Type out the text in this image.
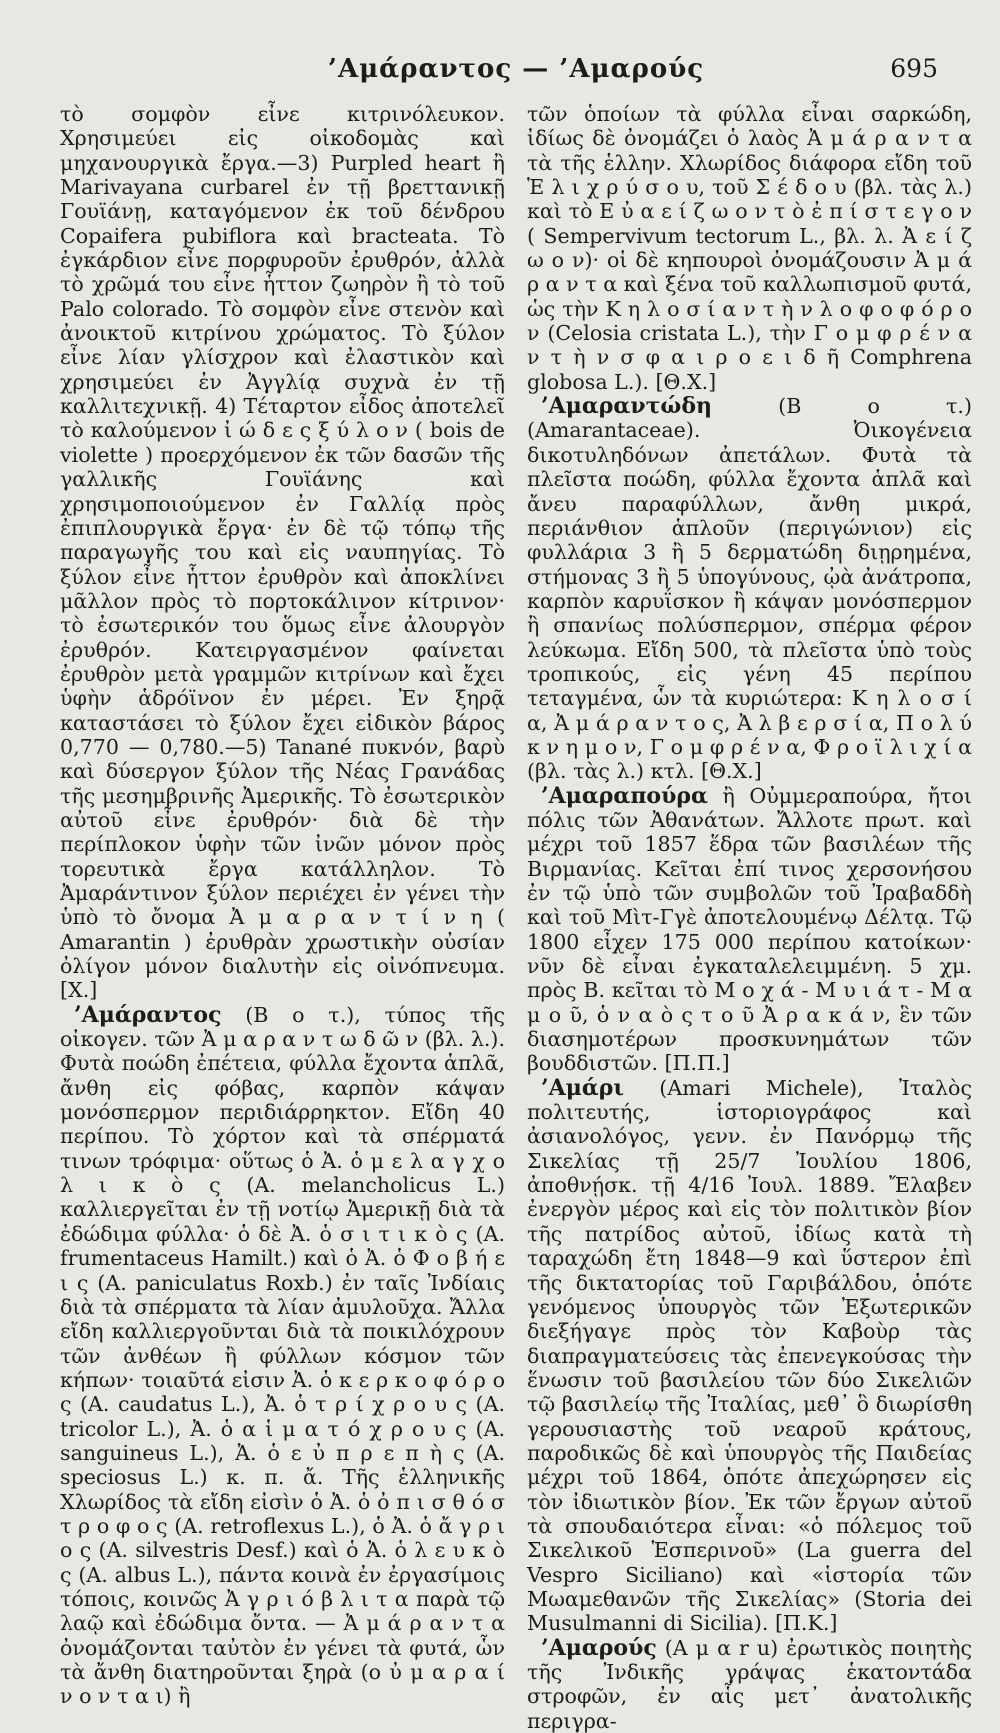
’Αμάραντος — ’Αμαρούς	695

τὸ σομφὸν εἶνε κιτρινόλευκον. Χρησιμεύει εἰς οἰκοδομὰς καὶ μηχανουργικὰ ἔργα.—3) Purpled heart ἢ Marivayana curbarel ἐν τῇ βρεττανικῇ Γουϊάνῃ, καταγόμενον ἐκ τοῦ δένδρου Copaifera pubiflora καὶ bracteata. Τὸ ἐγκάρδιον εἶνε πορφυροῦν ἐρυθρόν, ἀλλὰ τὸ χρῶμά του εἶνε ἧττον ζωηρὸν ἢ τὸ τοῦ Palo colorado. Τὸ σομφὸν εἶνε στενὸν καὶ ἀνοικτοῦ κιτρίνου χρώματος. Τὸ ξύλον εἶνε λίαν γλίσχρον καὶ ἐλαστικὸν καὶ χρησιμεύει ἐν Ἀγγλίᾳ συχνὰ ἐν τῇ καλλιτεχνικῇ. 4) Τέταρτον εἶδος ἀποτελεῖ τὸ καλούμενον ἰ ώ δ ε ς ξ ύ λ ο ν ( bois de violette ) προερχόμενον ἐκ τῶν δασῶν τῆς γαλλικῆς Γουϊάνης καὶ χρησιμοποιούμενον ἐν Γαλλίᾳ πρὸς ἐπιπλουργικὰ ἔργα· ἐν δὲ τῷ τόπῳ τῆς παραγωγῆς του καὶ εἰς ναυπηγίας. Τὸ ξύλον εἶνε ἧττον ἐρυθρὸν καὶ ἀποκλίνει μᾶλλον πρὸς τὸ πορτοκάλινον κίτρινον· τὸ ἐσωτερικόν του ὅμως εἶνε ἀλουργὸν ἐρυθρόν. Κατειργασμένον φαίνεται ἐρυθρὸν μετὰ γραμμῶν κιτρίνων καὶ ἔχει ὑφὴν ἁδρόϊνον ἐν μέρει. Ἐν ξηρᾷ καταστάσει τὸ ξύλον ἔχει εἰδικὸν βάρος 0,770 — 0,780.—5) Tanané πυκνόν, βαρὺ καὶ δύσεργον ξύλον τῆς Νέας Γρανάδας τῆς μεσημβρινῆς Ἀμερικῆς. Τὸ ἐσωτερικὸν αὐτοῦ εἶνε ἐρυθρόν· διὰ δὲ τὴν περίπλοκον ὑφὴν τῶν ἰνῶν μόνον πρὸς τορευτικὰ ἔργα κατάλληλον. Τὸ Ἀμαράντινον ξύλον περιέχει ἐν γένει τὴν ὑπὸ τὸ ὄνομα Ἀ μ α ρ α ν τ ί ν η ( Amarantin ) ἐρυθρὰν χρωστικὴν οὐσίαν ὀλίγον μόνον διαλυτὴν εἰς οἰνόπνευμα. [Χ.]

’Αμάραντος (Β ο τ.), τύπος τῆς οἰκογεν. τῶν Ἀ μ α ρ α ν τ ω δ ῶ ν (βλ. λ.). Φυτὰ ποώδη ἐπέτεια, φύλλα ἔχοντα ἁπλᾶ, ἄνθη εἰς φόβας, καρπὸν κάψαν μονόσπερμον περιδιάρρηκτον. Εἴδη 40 περίπου. Τὸ χόρτον καὶ τὰ σπέρματά τινων τρόφιμα· οὕτως ὁ Ἀ. ὁ μ ε λ α γ χ ο λ ι κ ὸ ς (A. melancholicus L.) καλλιεργεῖται ἐν τῇ νοτίῳ Ἀμερικῇ διὰ τὰ ἐδώδιμα φύλλα· ὁ δὲ Ἀ. ὁ σ ι τ ι κ ὸ ς (A. frumentaceus Hamilt.) καὶ ὁ Ἀ. ὁ Φ ο β ή ε ι ς (A. paniculatus Roxb.) ἐν ταῖς Ἰνδίαις διὰ τὰ σπέρματα τὰ λίαν ἀμυλοῦχα. Ἄλλα εἴδη καλλιεργοῦνται διὰ τὰ ποικιλόχρουν τῶν ἀνθέων ἢ φύλλων κόσμον τῶν κήπων· τοιαῦτά εἰσιν Ἀ. ὁ κ ε ρ κ ο φ ό ρ ο ς (A. caudatus L.), Ἀ. ὁ τ ρ ί χ ρ ο υ ς (A. tricolor L.), Ἀ. ὁ α ἱ μ α τ ό χ ρ ο υ ς (A. sanguineus L.), Ἀ. ὁ ε ὐ π ρ ε π ὴ ς (A. speciosus L.) κ. π. ἄ. Τῆς ἑλληνικῆς Χλωρίδος τὰ εἴδη εἰσὶν ὁ Ἀ. ὁ ὀ π ι σ θ ό σ τ ρ ο φ ο ς (A. retroflexus L.), ὁ Ἀ. ὁ ἄ γ ρ ι ο ς (A. silvestris Desf.) καὶ ὁ Ἀ. ὁ λ ε υ κ ὸ ς (A. albus L.), πάντα κοινὰ ἐν ἐργασίμοις τόποις, κοινῶς Ἀ γ ρ ι ό β λ ι τ α παρὰ τῷ λαῷ καὶ ἐδώδιμα ὄντα. — Ἀ μ ά ρ α ν τ α ὀνομάζονται ταὐτὸν ἐν γένει τὰ φυτά, ὧν τὰ ἄνθη διατηροῦνται ξηρὰ (ο ὐ μ α ρ α ί ν ο ν τ α ι) ἢ

τῶν ὁποίων τὰ φύλλα εἶναι σαρκώδη, ἰδίως δὲ ὀνομάζει ὁ λαὸς Ἀ μ ά ρ α ν τ α τὰ τῆς ἑλλην. Χλωρίδος διάφορα εἴδη τοῦ Ἑ λ ι χ ρ ύ σ ο υ, τοῦ Σ έ δ ο υ (βλ. τὰς λ.) καὶ τὸ Ε ὐ α ε ί ζ ω ο ν τ ὸ ἐ π ί σ τ ε γ ο ν ( Sempervivum tectorum L., βλ. λ. Ἀ ε ί ζ ω ο ν)· οἱ δὲ κηπουροὶ ὀνομάζουσιν Ἀ μ ά ρ α ν τ α καὶ ξένα τοῦ καλλωπισμοῦ φυτά, ὡς τὴν Κ η λ ο σ ί α ν τ ὴ ν λ ο φ ο φ ό ρ ο ν (Celosia cristata L.), τὴν Γ ο μ φ ρ έ ν α ν τ ὴ ν σ φ α ι ρ ο ε ι δ ῆ Comphrena globosa L.). [Θ.Χ.]

’Αμαραντώδη (Β ο τ.) (Amarantaceae). Ὀικογένεια δικοτυληδόνων ἀπετάλων. Φυτὰ τὰ πλεῖστα ποώδη, φύλλα ἔχοντα ἁπλᾶ καὶ ἄνευ παραφύλλων, ἄνθη μικρά, περιάνθιον ἁπλοῦν (περιγώνιον) εἰς φυλλάρια 3 ἢ 5 δερματώδη διῃρημένα, στήμονας 3 ἢ 5 ὑπογύνους, ᾠὰ ἀνάτροπα, καρπὸν καρυΐσκον ἢ κάψαν μονόσπερμον ἢ σπανίως πολύσπερμον, σπέρμα φέρον λεύκωμα. Εἴδη 500, τὰ πλεῖστα ὑπὸ τοὺς τροπικούς, εἰς γένη 45 περίπου τεταγμένα, ὧν τὰ κυριώτερα: Κ η λ ο σ ί α, Ἀ μ ά ρ α ν τ ο ς, Ἀ λ β ε ρ σ ί α, Π ο λ ύ κ ν η μ ο ν, Γ ο μ φ ρ έ ν α, Φ ρ ο ϊ λ ι χ ί α (βλ. τὰς λ.) κτλ. [Θ.Χ.]

’Αμαραπούρα ἢ Οὐμμεραπούρα, ἤτοι πόλις τῶν Ἀθανάτων. Ἄλλοτε πρωτ. καὶ μέχρι τοῦ 1857 ἕδρα τῶν βασιλέων τῆς Βιρμανίας. Κεῖται ἐπί τινος χερσονήσου ἐν τῷ ὑπὸ τῶν συμβολῶν τοῦ Ἰραβαδδὴ καὶ τοῦ Μὶτ-Γγὲ ἀποτελουμένῳ Δέλτᾳ. Τῷ 1800 εἶχεν 175 000 περίπου κατοίκων· νῦν δὲ εἶναι ἐγκαταλελειμμένη. 5 χμ. πρὸς Β. κεῖται τὸ Μ ο χ ά - Μ υ ι ά τ - Μ α μ ο ῦ, ὁ ν α ὸ ς τ ο ῦ Ἀ ρ α κ ά ν, ἓν τῶν διασημοτέρων προσκυνημάτων τῶν βουδδιστῶν. [Π.Π.]

’Αμάρι (Amari Michele), Ἰταλὸς πολιτευτής, ἱστοριογράφος καὶ ἀσιανολόγος, γενν. ἐν Πανόρμῳ τῆς Σικελίας τῇ 25/7 Ἰουλίου 1806, ἀποθνῄσκ. τῇ 4/16 Ἰουλ. 1889. Ἔλαβεν ἐνεργὸν μέρος καὶ εἰς τὸν πολιτικὸν βίον τῆς πατρίδος αὐτοῦ, ἰδίως κατὰ τὴ ταραχώδη ἔτη 1848—9 καὶ ὕστερον ἐπὶ τῆς δικτατορίας τοῦ Γαριβάλδου, ὁπότε γενόμενος ὑπουργὸς τῶν Ἐξωτερικῶν διεξήγαγε πρὸς τὸν Καβοὺρ τὰς διαπραγματεύσεις τὰς ἐπενεγκούσας τὴν ἕνωσιν τοῦ βασιλείου τῶν δύο Σικελιῶν τῷ βασιλείῳ τῆς Ἰταλίας, μεθ᾽ ὃ διωρίσθη γερουσιαστὴς τοῦ νεαροῦ κράτους, παροδικῶς δὲ καὶ ὑπουργὸς τῆς Παιδείας μέχρι τοῦ 1864, ὁπότε ἀπεχώρησεν εἰς τὸν ἰδιωτικὸν βίον. Ἐκ τῶν ἔργων αὐτοῦ τὰ σπουδαιότερα εἶναι: «ὁ πόλεμος τοῦ Σικελικοῦ Ἑσπερινοῦ» (La guerra del Vespro Siciliano) καὶ «ἱστορία τῶν Μωαμεθανῶν τῆς Σικελίας» (Storia dei Musulmanni di Sicilia). [Π.Κ.]

’Αμαρούς (Α μ α r u) ἐρωτικὸς ποιητὴς τῆς Ἰνδικῆς γράψας ἑκατοντάδα στροφῶν, ἐν αἷς μετ᾽ ἀνατολικῆς περιγρα-
